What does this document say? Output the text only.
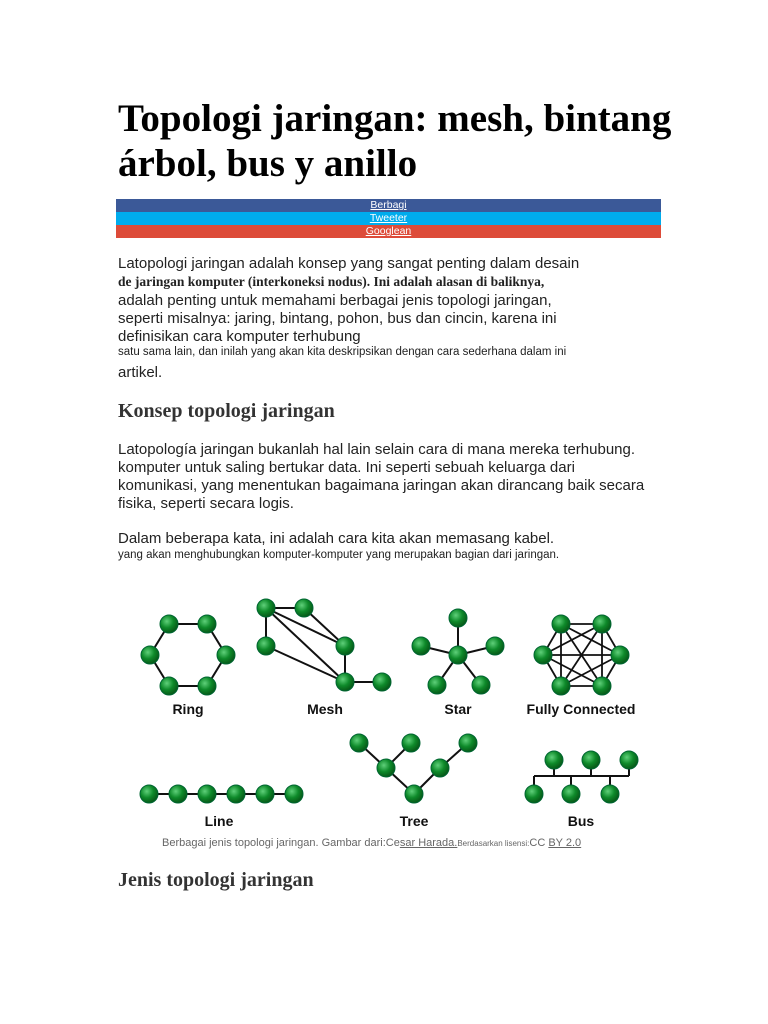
Topologi jaringan: mesh, bintang árbol, bus y anillo
Berbagi
Tweeter
Googlean
Latopologi jaringan adalah konsep yang sangat penting dalam desain
de jaringan komputer (interkoneksi nodus). Ini adalah alasan di baliknya,
adalah penting untuk memahami berbagai jenis topologi jaringan,
seperti misalnya: jaring, bintang, pohon, bus dan cincin, karena ini
definisikan cara komputer terhubung
satu sama lain, dan inilah yang akan kita deskripsikan dengan cara sederhana dalam ini
artikel.
Konsep topologi jaringan
Latopología jaringan bukanlah hal lain selain cara di mana mereka terhubung.
komputer untuk saling bertukar data. Ini seperti sebuah keluarga dari
komunikasi, yang menentukan bagaimana jaringan akan dirancang baik secara
fisika, seperti secara logis.
Dalam beberapa kata, ini adalah cara kita akan memasang kabel.
yang akan menghubungkan komputer-komputer yang merupakan bagian dari jaringan.
Ring	Mesh	Star	Fully Connected
Line	Tree	Bus
Berbagai jenis topologi jaringan. Gambar dari:Cesar Harada.Berdasarkan lisensi:CC BY 2.0
Jenis topologi jaringan
